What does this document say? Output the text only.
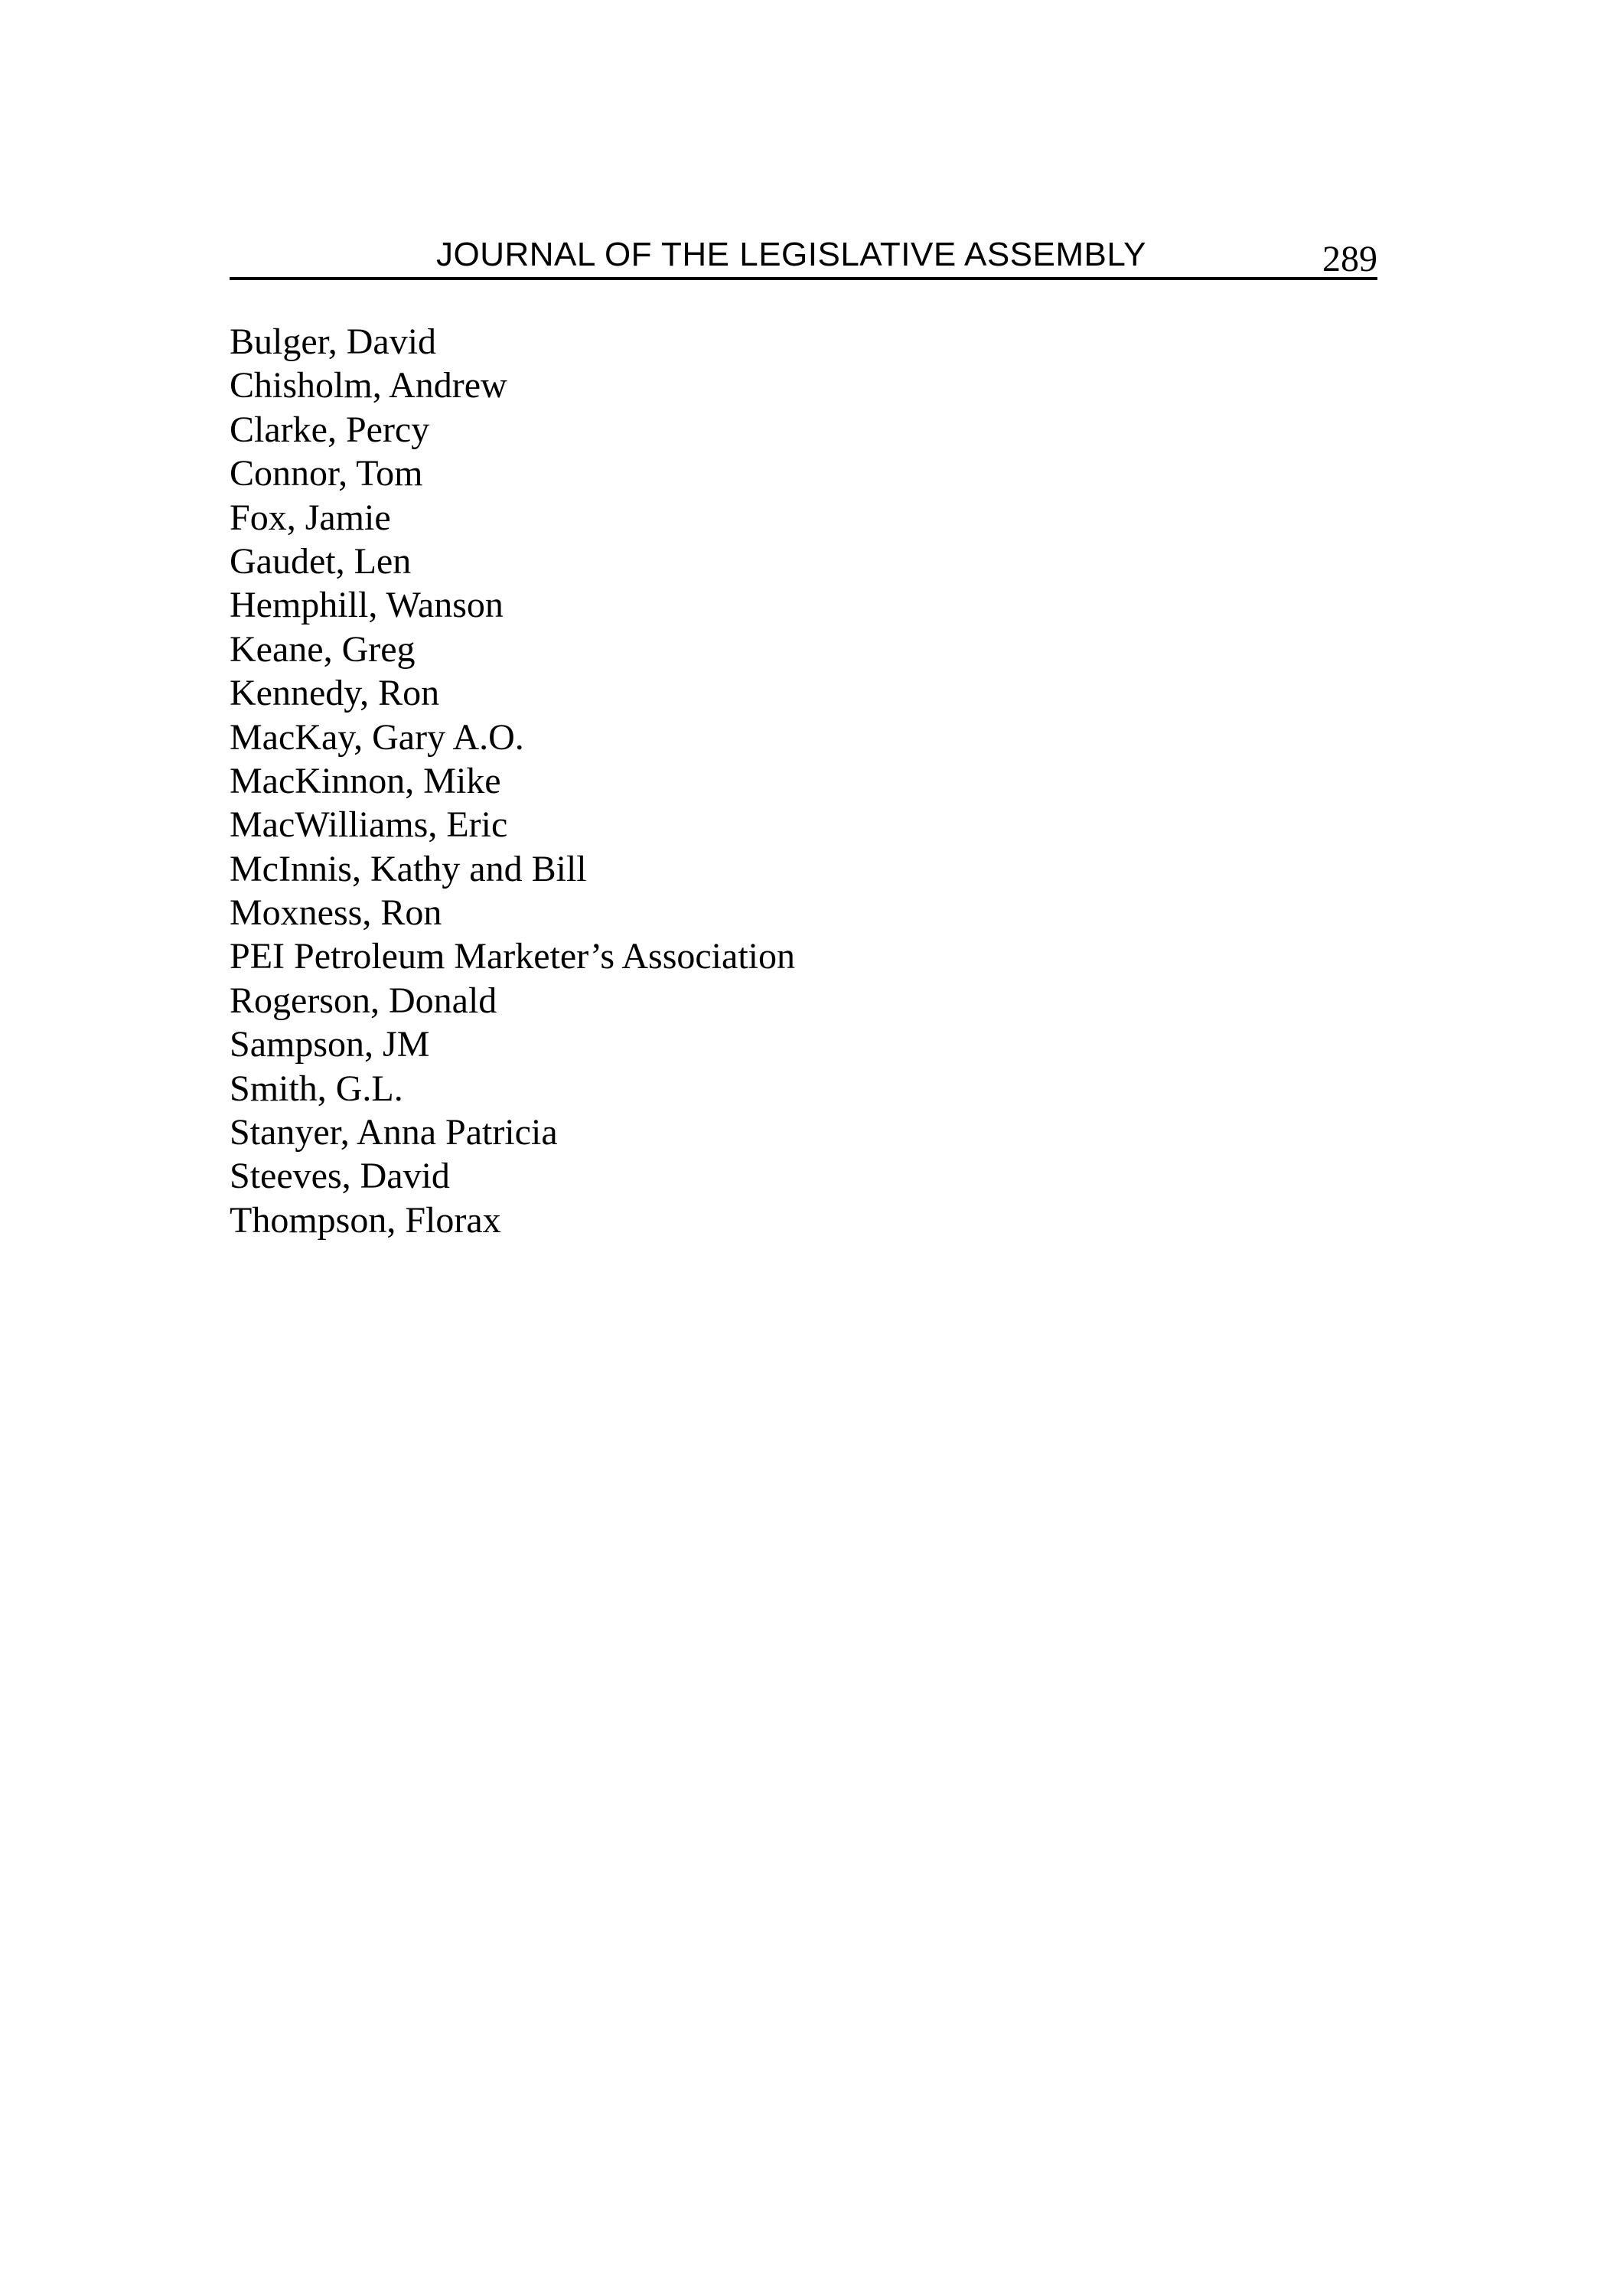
JOURNAL OF THE LEGISLATIVE ASSEMBLY	289
Bulger, David
Chisholm, Andrew
Clarke, Percy
Connor, Tom
Fox, Jamie
Gaudet, Len
Hemphill, Wanson
Keane, Greg
Kennedy, Ron
MacKay, Gary A.O.
MacKinnon, Mike
MacWilliams, Eric
McInnis, Kathy and Bill
Moxness, Ron
PEI Petroleum Marketer’s Association
Rogerson, Donald
Sampson, JM
Smith, G.L.
Stanyer, Anna Patricia
Steeves, David
Thompson, Florax
